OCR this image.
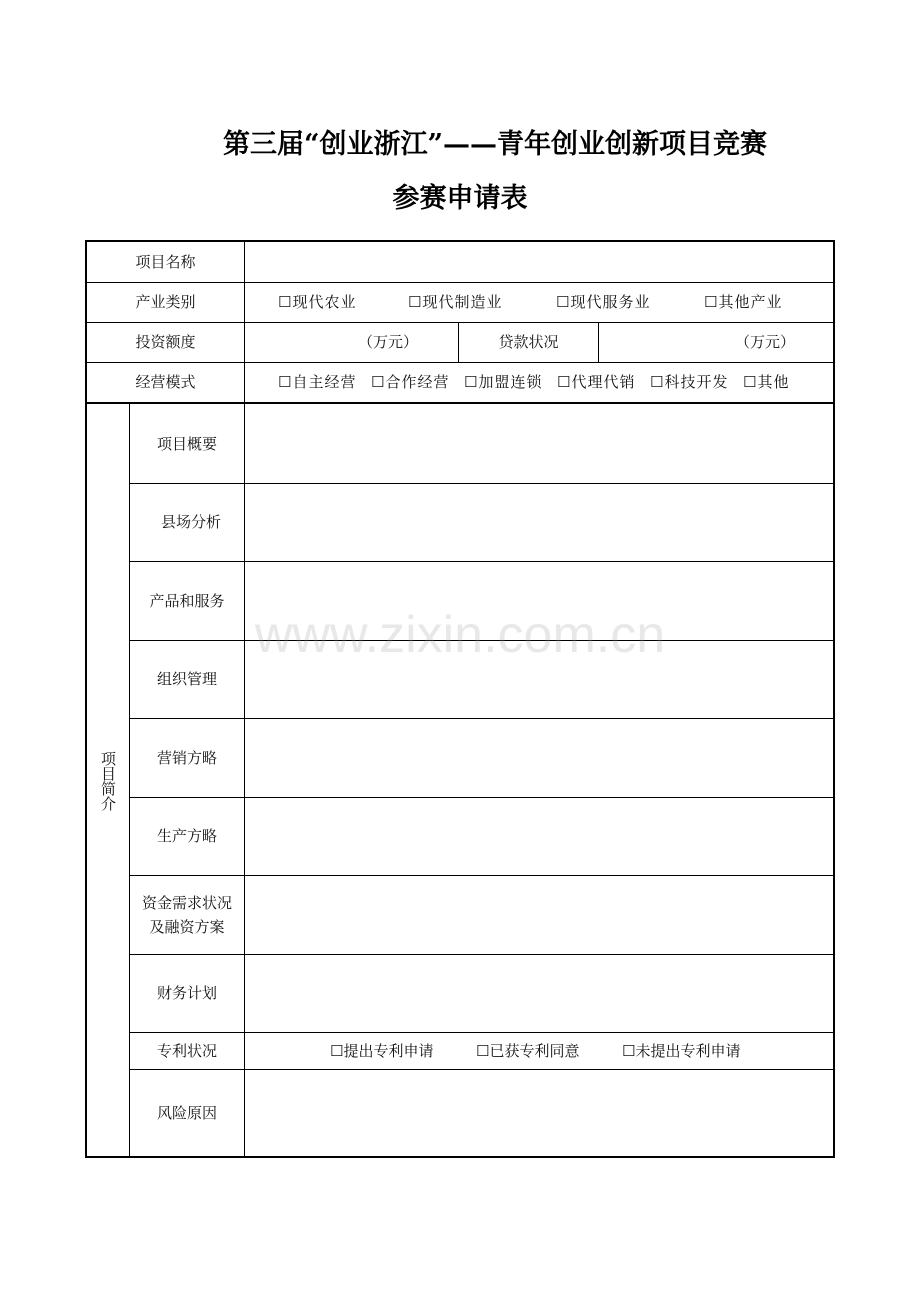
第三届“创业浙江”——青年创业创新项目竞赛
参赛申请表
项目名称
产业类别	☐现代农业	☐现代制造业	☐现代服务业	☐其他产业
投资额度	（万元）	贷款状况	（万元）
经营模式	☐自主经营 ☐合作经营 ☐加盟连锁 ☐代理代销 ☐科技开发 ☐其他
项目简介
项目概要
县场分析
产品和服务
组织管理
营销方略
生产方略
资金需求状况
及融资方案
财务计划
专利状况	☐提出专利申请	☐已获专利同意	☐未提出专利申请
风险原因
www.zixin.com.cn
